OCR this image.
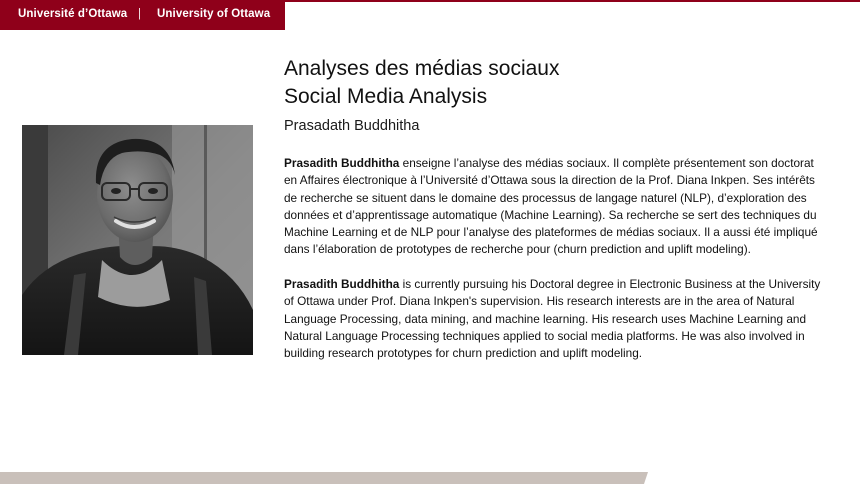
Université d’Ottawa | University of Ottawa
Analyses des médias sociaux
Social Media Analysis
Prasadath Buddhitha

Prasadith Buddhitha enseigne l’analyse des médias sociaux. Il complète présentement son doctorat en Affaires électronique à l’Université d’Ottawa sous la direction de la Prof. Diana Inkpen. Ses intérêts de recherche se situent dans le domaine des processus de langage naturel (NLP), d’exploration des données et d’apprentissage automatique (Machine Learning). Sa recherche se sert des techniques du Machine Learning et de NLP pour l’analyse des plateformes de médias sociaux. Il a aussi été impliqué dans l’élaboration de prototypes de recherche pour (churn prediction and uplift modeling).

Prasadith Buddhitha is currently pursuing his Doctoral degree in Electronic Business at the University of Ottawa under Prof. Diana Inkpen's supervision. His research interests are in the area of Natural Language Processing, data mining, and machine learning. His research uses Machine Learning and Natural Language Processing techniques applied to social media platforms. He was also involved in building research prototypes for churn prediction and uplift modeling.
